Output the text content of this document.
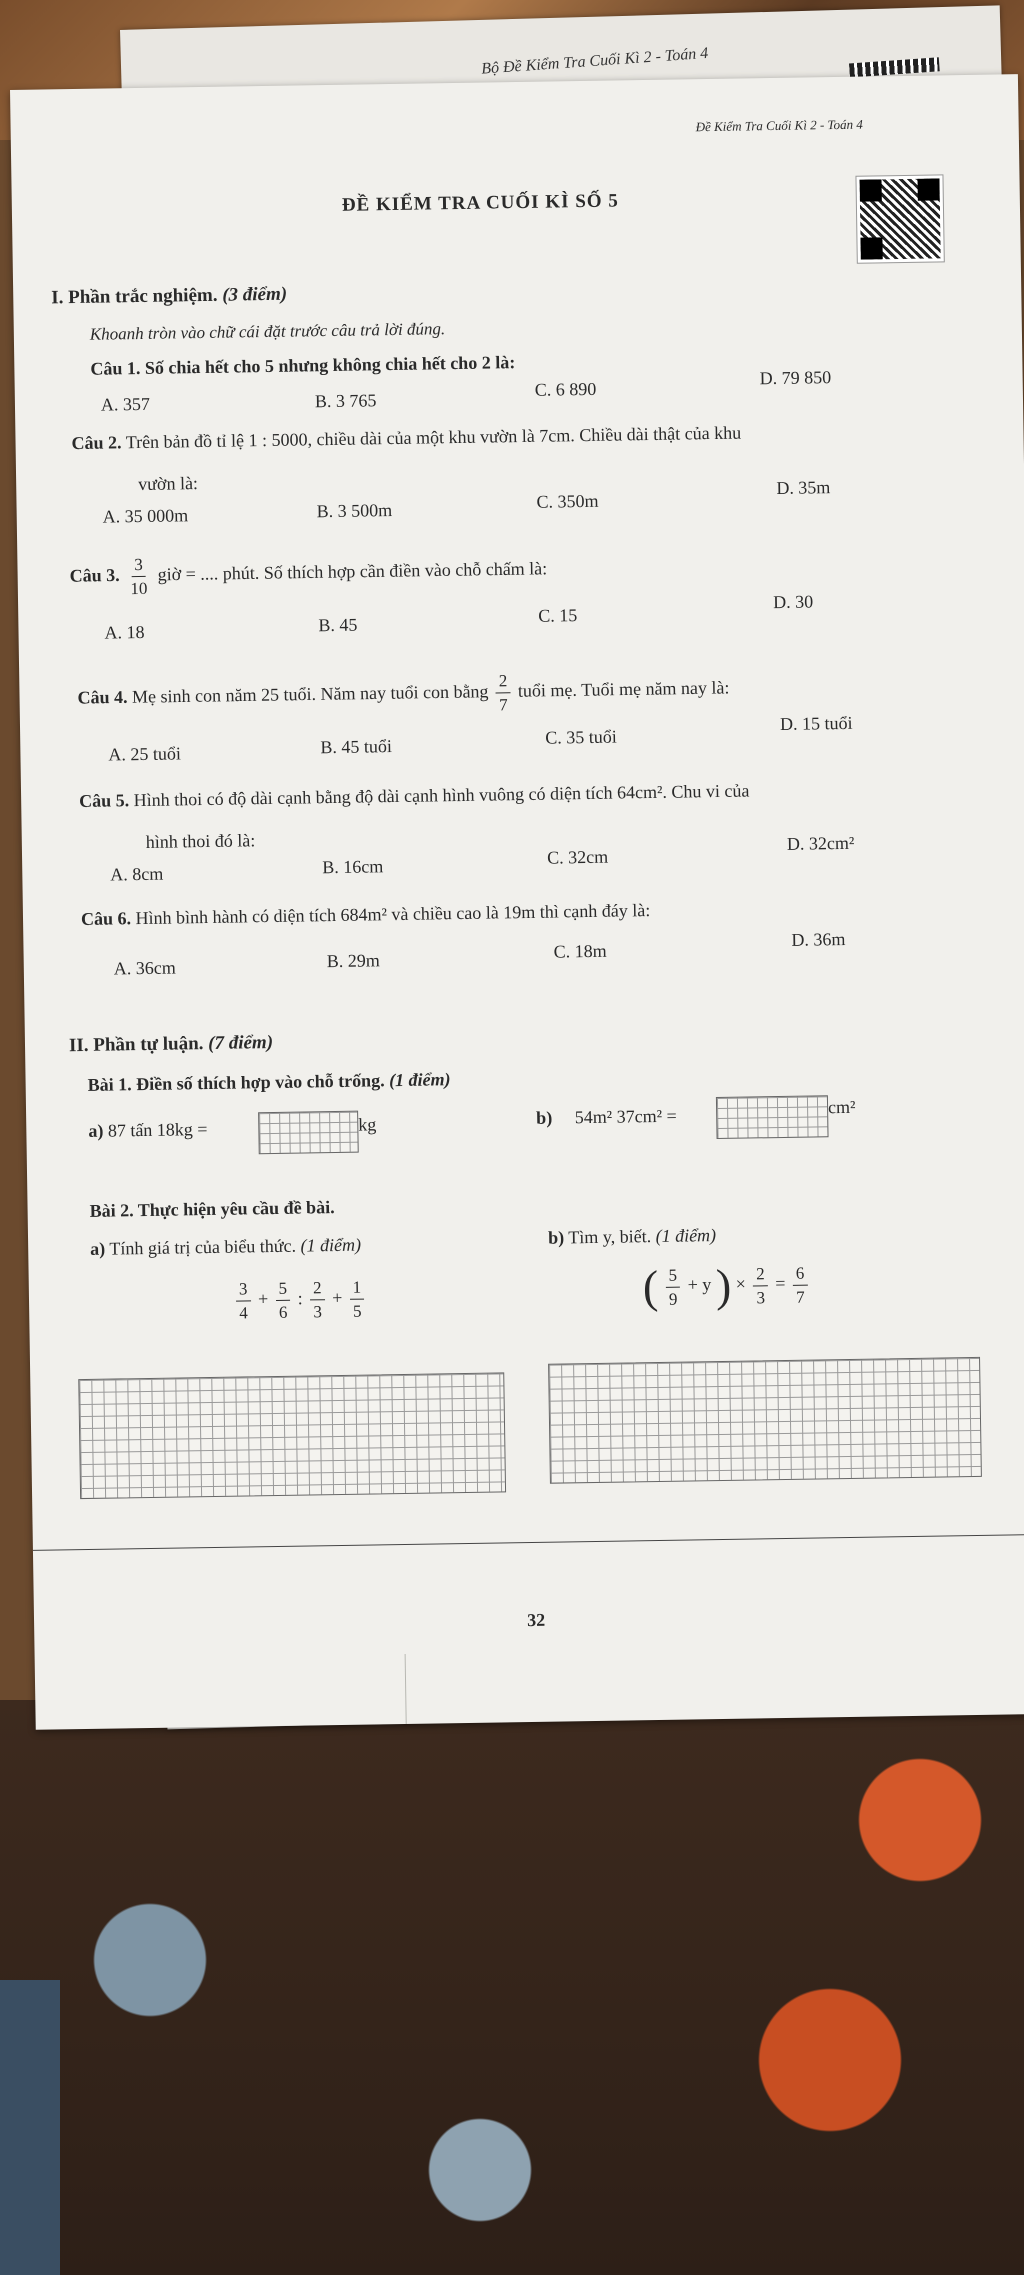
Bộ Đề Kiểm Tra Cuối Kì 2 - Toán 4
Đề Kiểm Tra Cuối Kì 2 - Toán 4
ĐỀ KIỂM TRA CUỐI KÌ SỐ 5
I. Phần trắc nghiệm. (3 điểm)
Khoanh tròn vào chữ cái đặt trước câu trả lời đúng.
Câu 1. Số chia hết cho 5 nhưng không chia hết cho 2 là:
A. 357	B. 3 765
C. 6 890
D. 79 850
Câu 2. Trên bản đồ tỉ lệ 1 : 5000, chiều dài của một khu vườn là 7cm. Chiều dài thật của khu
vườn là:
A. 35 000m	B. 3 500m	C. 350m
D. 35m
Câu 3. $\frac{3}{10}$ giờ = .... phút. Số thích hợp cần điền vào chỗ chấm là:
A. 18	B. 45	C. 15
D. 30
Câu 4. Mẹ sinh con năm 25 tuổi. Năm nay tuổi con bằng $\frac{2}{7}$ tuổi mẹ. Tuổi mẹ năm nay là:
A. 25 tuổi	B. 45 tuổi	C. 35 tuổi
D. 15 tuổi
Câu 5. Hình thoi có độ dài cạnh bằng độ dài cạnh hình vuông có diện tích 64cm². Chu vi của
hình thoi đó là:
A. 8cm	B. 16cm	C. 32cm
D. 32cm²
Câu 6. Hình bình hành có diện tích 684m² và chiều cao là 19m thì cạnh đáy là:
A. 36cm	B. 29m	C. 18m
D. 36m
II. Phần tự luận. (7 điểm)
Bài 1. Điền số thích hợp vào chỗ trống. (1 điểm)
a) 87 tấn 18kg =	kg	b) 54m² 37cm² =	cm²
Bài 2. Thực hiện yêu cầu đề bài.
a) Tính giá trị của biểu thức. (1 điểm)	b) Tìm y, biết. (1 điểm)
$\frac{3}{4} + \frac{5}{6}$ : $\frac{2}{3} + \frac{1}{5}$	( $\frac{5}{9} + y$ ) × $\frac{2}{3} = \frac{6}{7}$
32
